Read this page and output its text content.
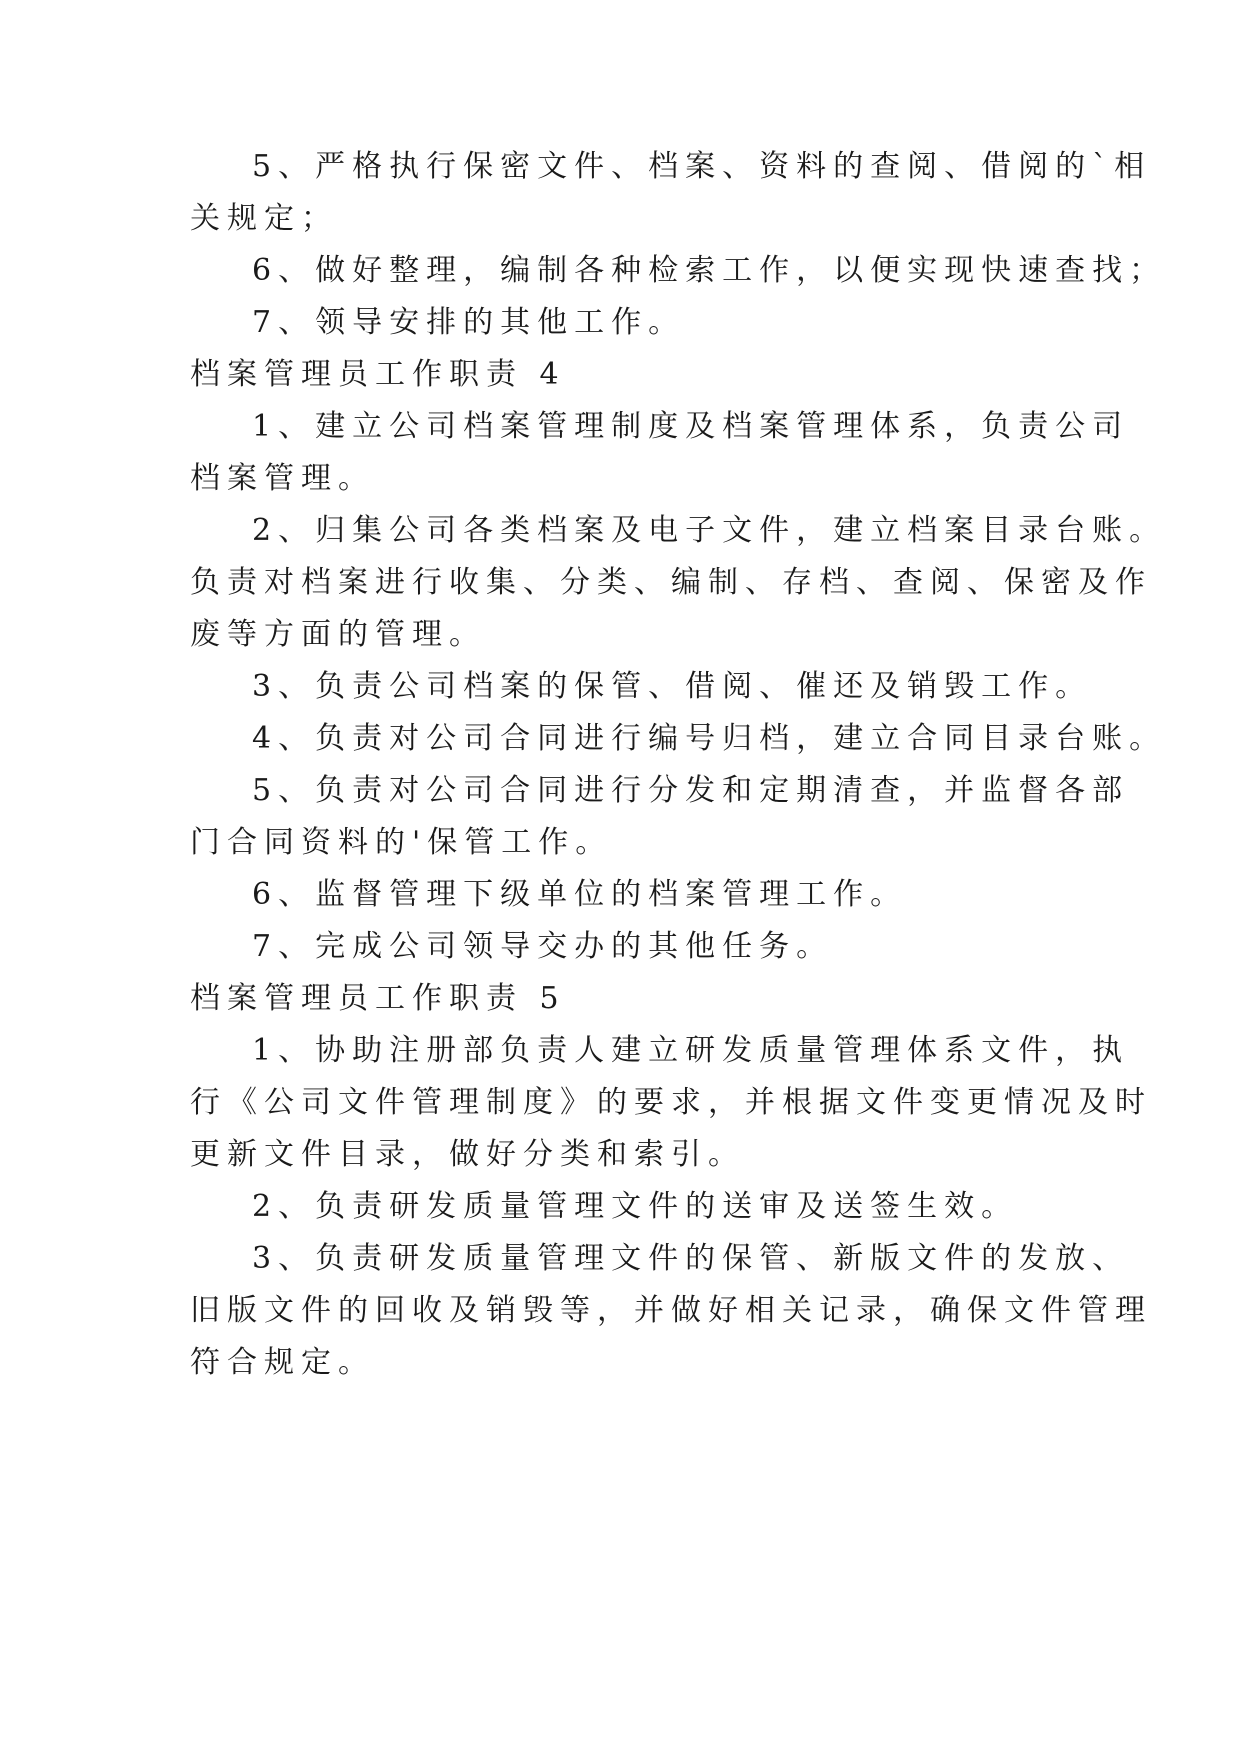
5、严格执行保密文件、档案、资料的查阅、借阅的`相
关规定；
6、做好整理，编制各种检索工作，以便实现快速查找；
7、领导安排的其他工作。
档案管理员工作职责 4
1、建立公司档案管理制度及档案管理体系，负责公司
档案管理。
2、归集公司各类档案及电子文件，建立档案目录台账。
负责对档案进行收集、分类、编制、存档、查阅、保密及作
废等方面的管理。
3、负责公司档案的保管、借阅、催还及销毁工作。
4、负责对公司合同进行编号归档，建立合同目录台账。
5、负责对公司合同进行分发和定期清查，并监督各部
门合同资料的'保管工作。
6、监督管理下级单位的档案管理工作。
7、完成公司领导交办的其他任务。
档案管理员工作职责 5
1、协助注册部负责人建立研发质量管理体系文件，执
行《公司文件管理制度》的要求，并根据文件变更情况及时
更新文件目录，做好分类和索引。
2、负责研发质量管理文件的送审及送签生效。
3、负责研发质量管理文件的保管、新版文件的发放、
旧版文件的回收及销毁等，并做好相关记录，确保文件管理
符合规定。
